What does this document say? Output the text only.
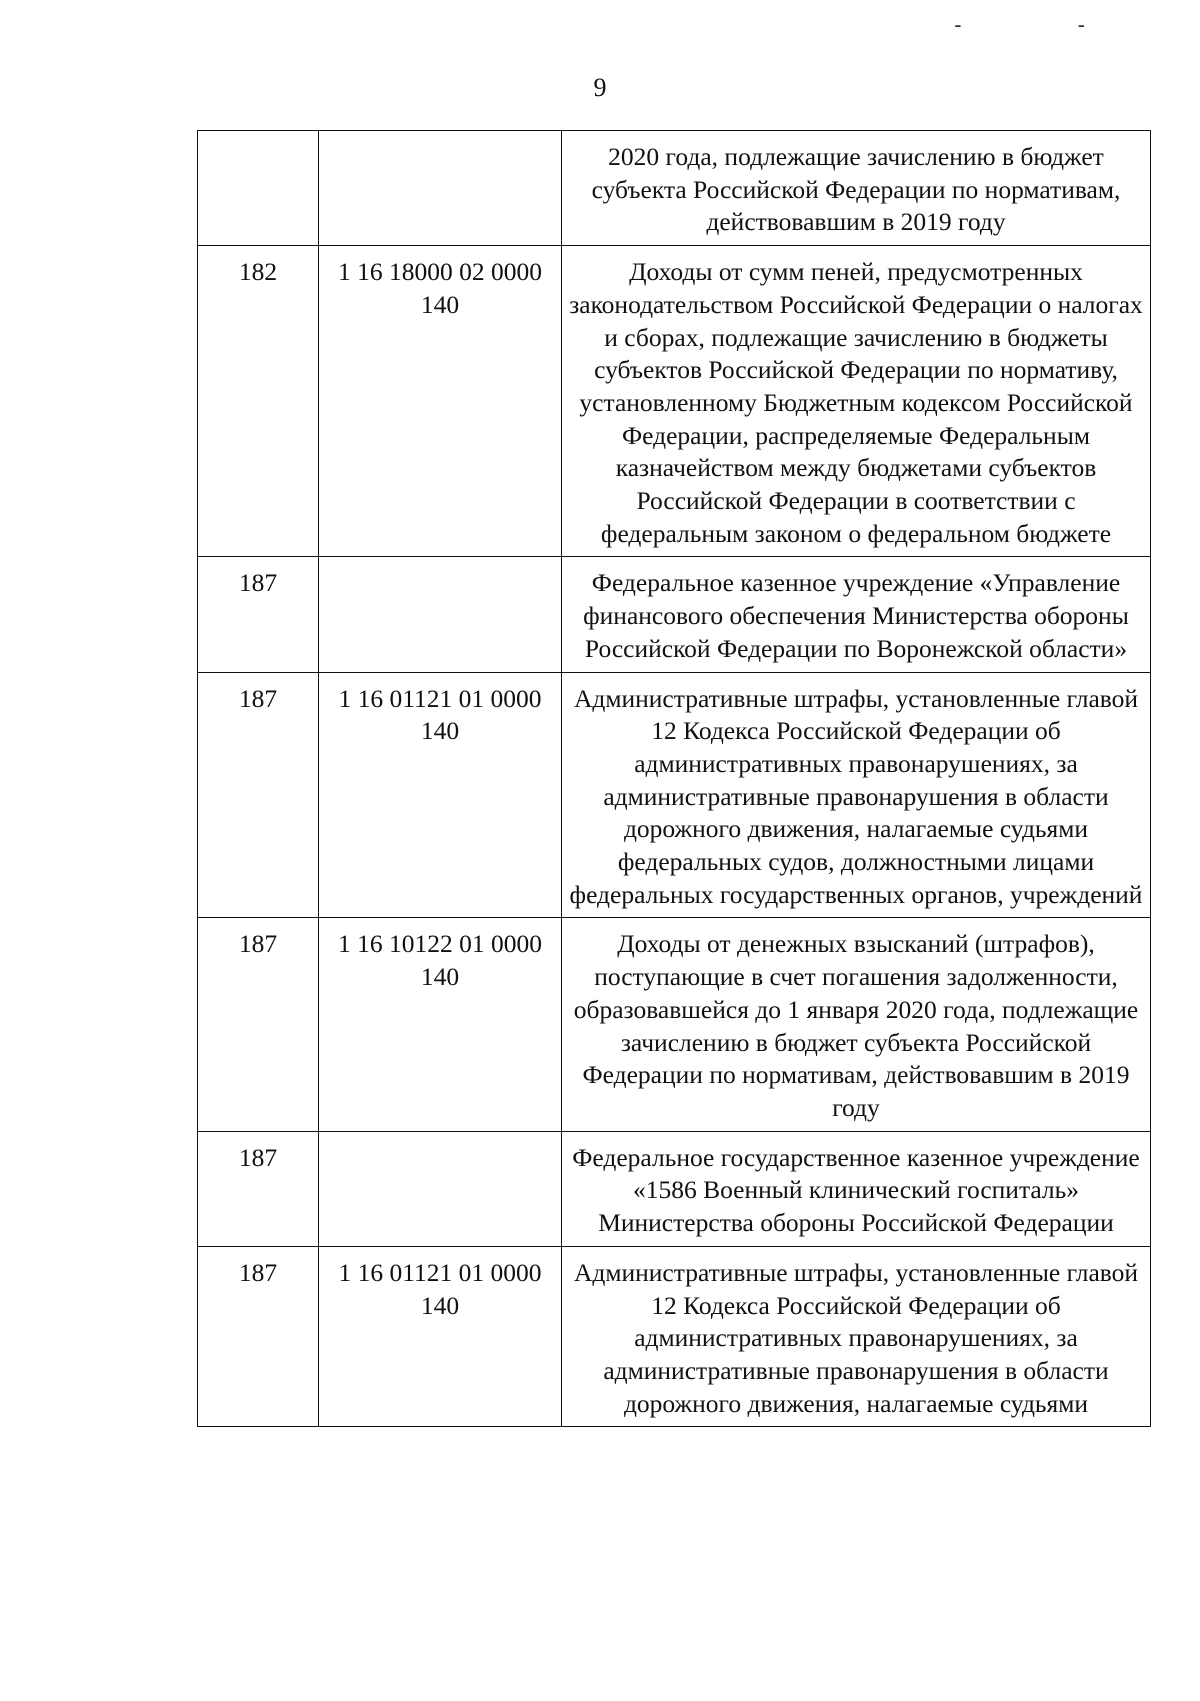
- -
9
		2020 года, подлежащие зачислению в бюджет субъекта Российской Федерации по нормативам, действовавшим в 2019 году
182	1 16 18000 02 0000 140	Доходы от сумм пеней, предусмотренных законодательством Российской Федерации о налогах и сборах, подлежащие зачислению в бюджеты субъектов Российской Федерации по нормативу, установленному Бюджетным кодексом Российской Федерации, распределяемые Федеральным казначейством между бюджетами субъектов Российской Федерации в соответствии с федеральным законом о федеральном бюджете
187		Федеральное казенное учреждение «Управление финансового обеспечения Министерства обороны Российской Федерации по Воронежской области»
187	1 16 01121 01 0000 140	Административные штрафы, установленные главой 12 Кодекса Российской Федерации об административных правонарушениях, за административные правонарушения в области дорожного движения, налагаемые судьями федеральных судов, должностными лицами федеральных государственных органов, учреждений
187	1 16 10122 01 0000 140	Доходы от денежных взысканий (штрафов), поступающие в счет погашения задолженности, образовавшейся до 1 января 2020 года, подлежащие зачислению в бюджет субъекта Российской Федерации по нормативам, действовавшим в 2019 году
187		Федеральное государственное казенное учреждение «1586 Военный клинический госпиталь» Министерства обороны Российской Федерации
187	1 16 01121 01 0000 140	Административные штрафы, установленные главой 12 Кодекса Российской Федерации об административных правонарушениях, за административные правонарушения в области дорожного движения, налагаемые судьями
